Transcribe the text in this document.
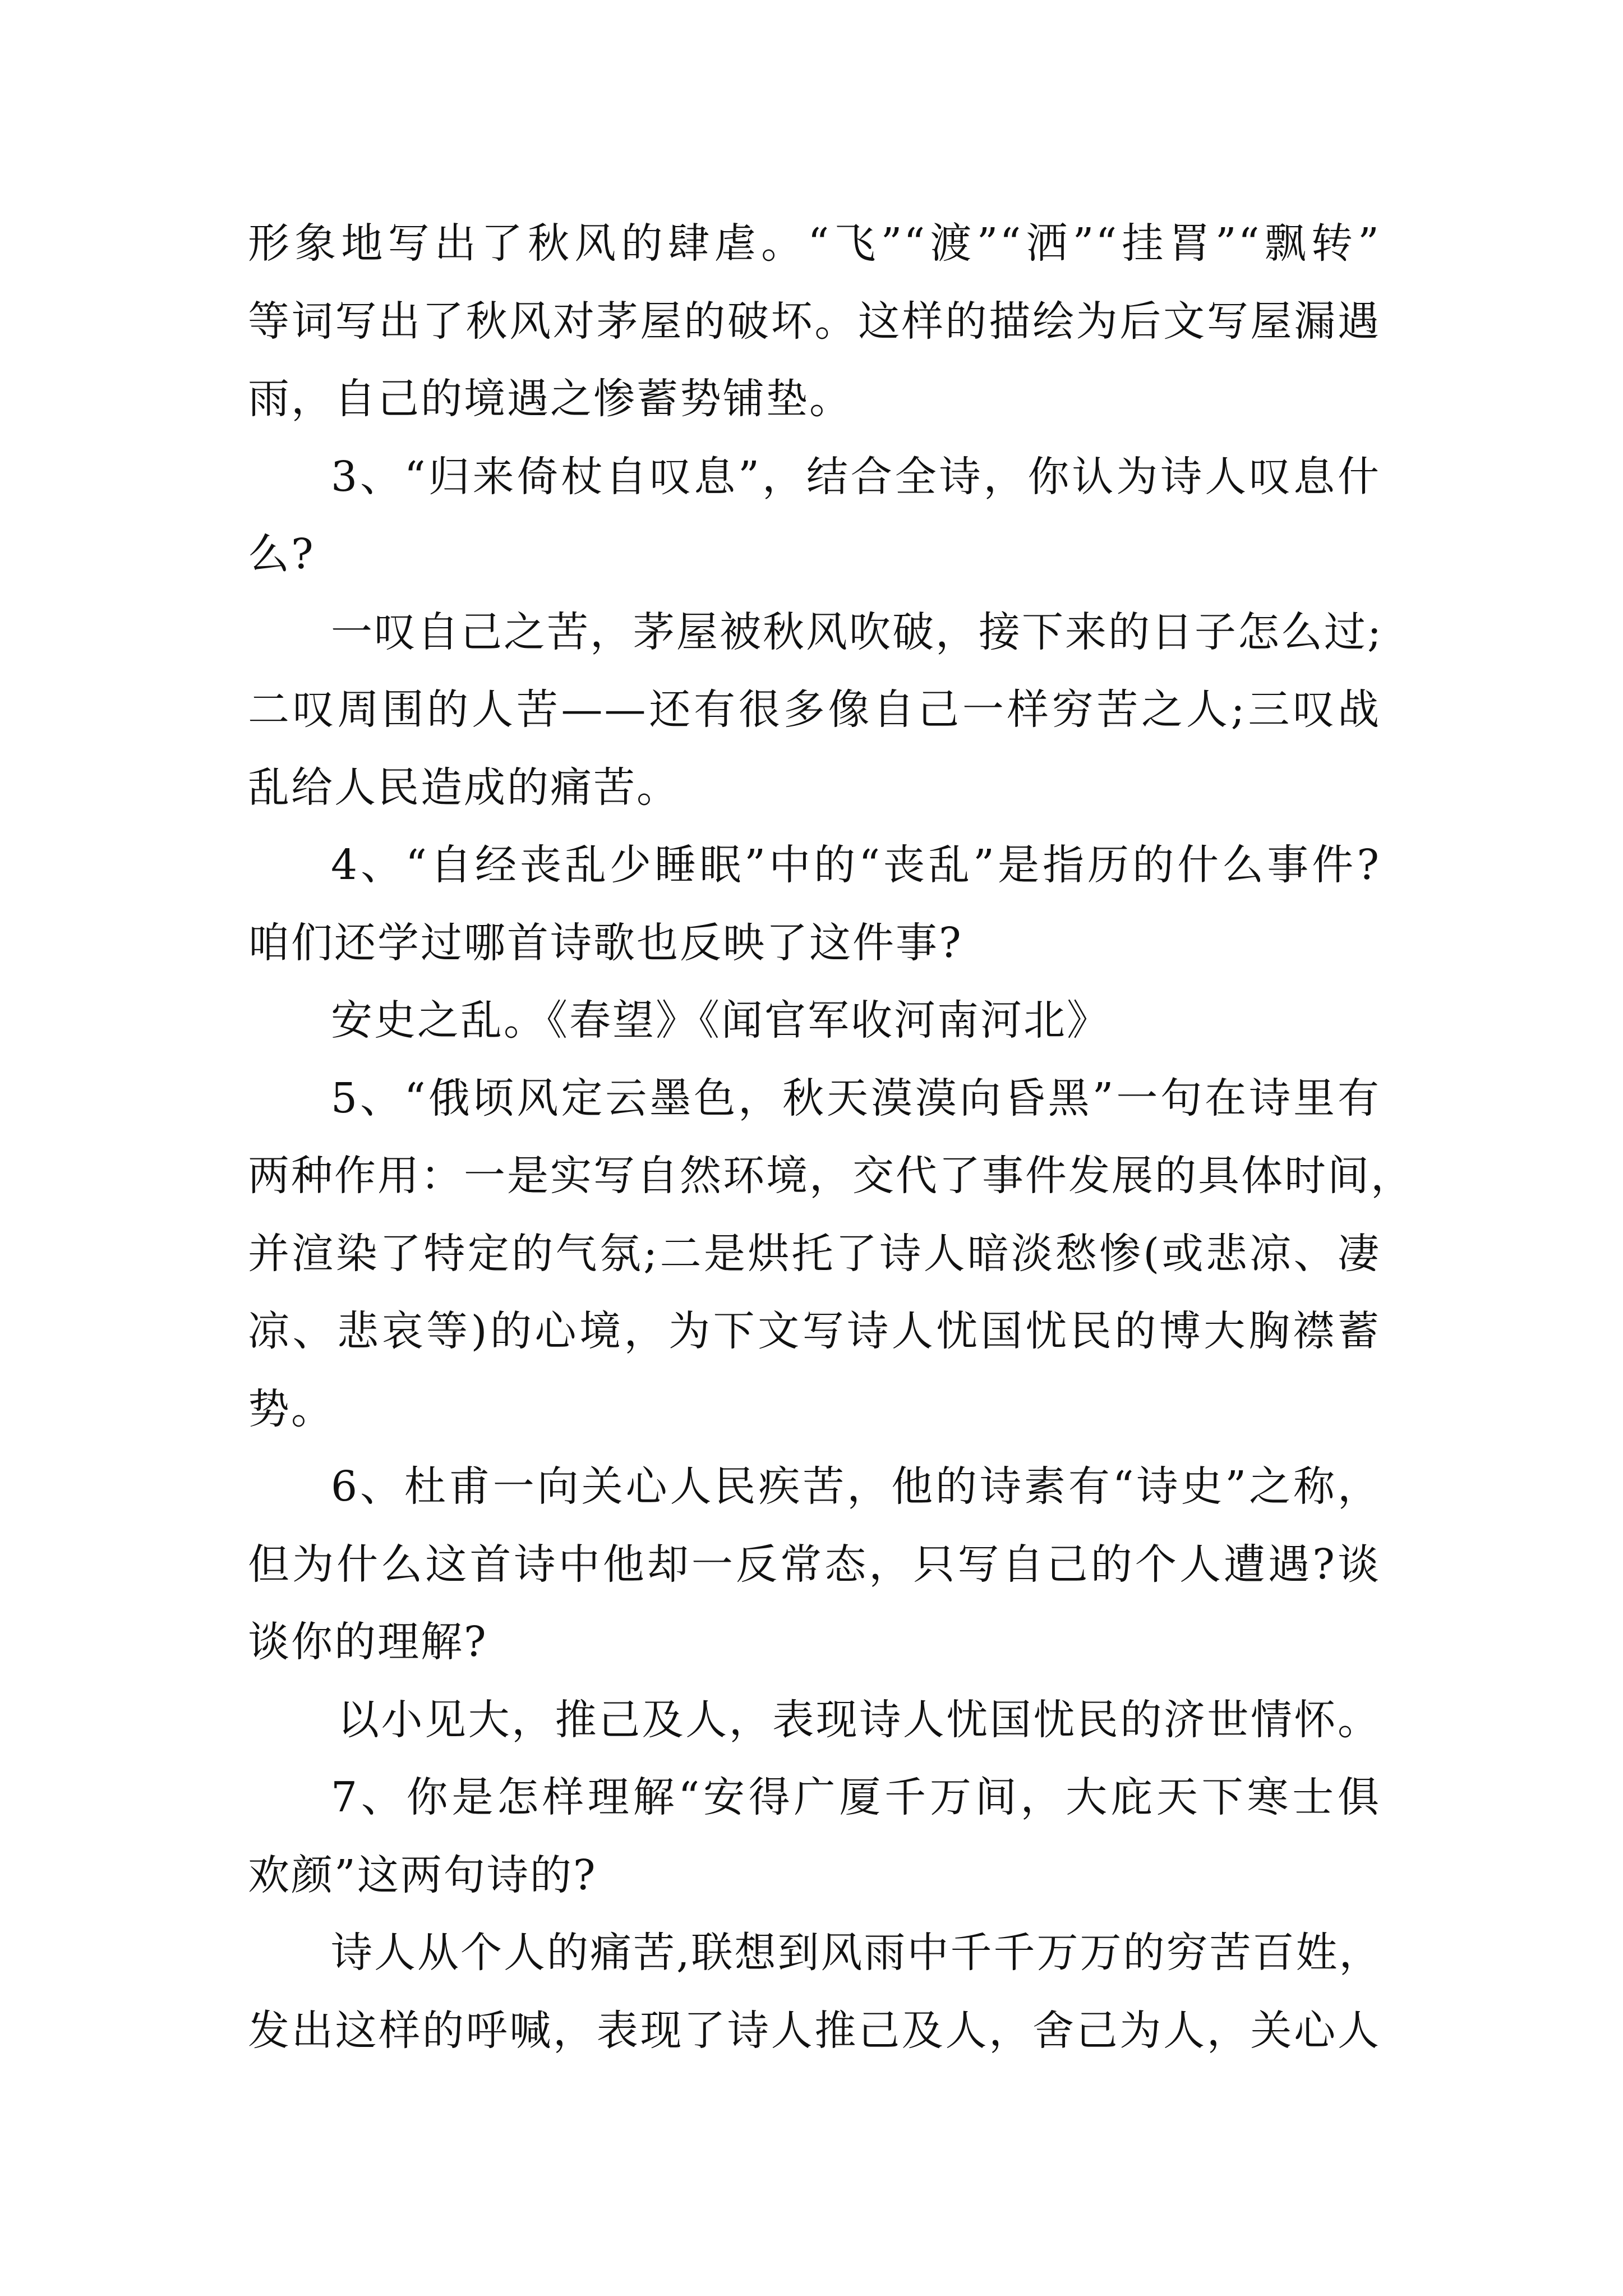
形象地写出了秋风的肆虐。“飞”“渡”“洒”“挂罥”“飘转”
等词写出了秋风对茅屋的破坏。这样的描绘为后文写屋漏遇
雨，自己的境遇之惨蓄势铺垫。
3、“归来倚杖自叹息”，结合全诗，你认为诗人叹息什
么?
一叹自己之苦，茅屋被秋风吹破，接下来的日子怎么过;
二叹周围的人苦——还有很多像自己一样穷苦之人;三叹战
乱给人民造成的痛苦。
4、“自经丧乱少睡眠”中的“丧乱”是指历的什么事件?
咱们还学过哪首诗歌也反映了这件事?
安史之乱。《春望》《闻官军收河南河北》
5、“俄顷风定云墨色，秋天漠漠向昏黑”一句在诗里有
两种作用：一是实写自然环境，交代了事件发展的具体时间，
并渲染了特定的气氛;二是烘托了诗人暗淡愁惨(或悲凉、凄
凉、悲哀等)的心境，为下文写诗人忧国忧民的博大胸襟蓄
势。
6、杜甫一向关心人民疾苦，他的诗素有“诗史”之称，
但为什么这首诗中他却一反常态，只写自己的个人遭遇?谈
谈你的理解?
以小见大，推己及人，表现诗人忧国忧民的济世情怀。
7、你是怎样理解“安得广厦千万间，大庇天下寒士俱
欢颜”这两句诗的?
诗人从个人的痛苦,联想到风雨中千千万万的穷苦百姓，
发出这样的呼喊，表现了诗人推己及人，舍己为人，关心人
